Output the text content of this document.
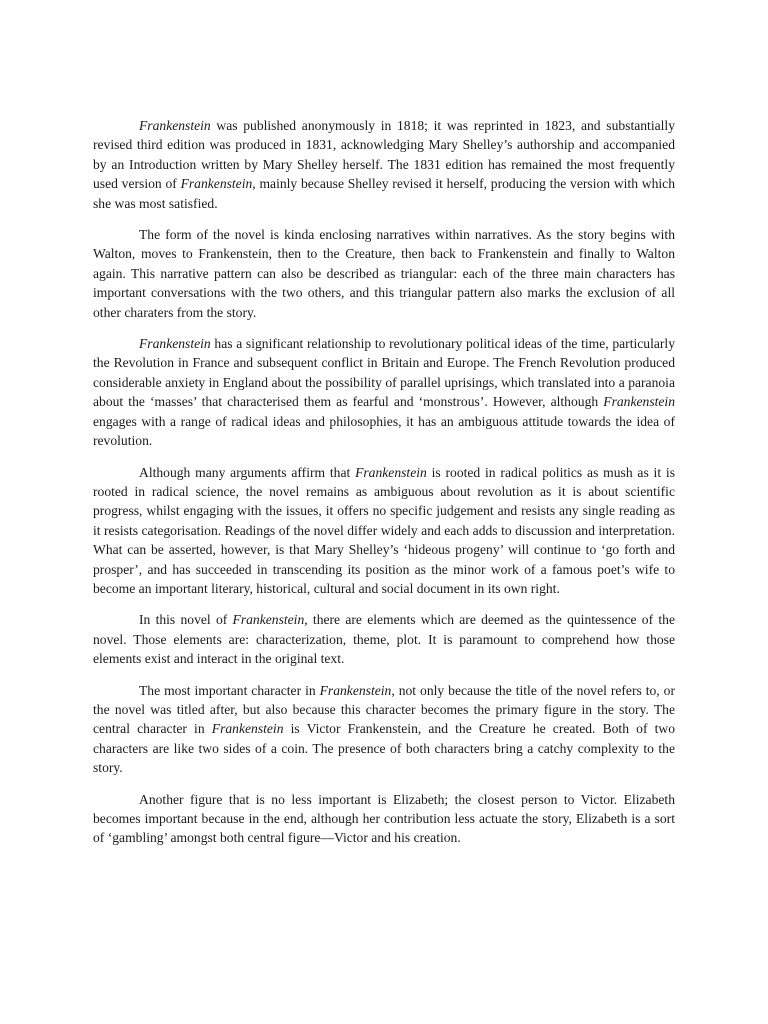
Frankenstein was published anonymously in 1818; it was reprinted in 1823, and substantially revised third edition was produced in 1831, acknowledging Mary Shelley’s authorship and accompanied by an Introduction written by Mary Shelley herself. The 1831 edition has remained the most frequently used version of Frankenstein, mainly because Shelley revised it herself, producing the version with which she was most satisfied.

The form of the novel is kinda enclosing narratives within narratives. As the story begins with Walton, moves to Frankenstein, then to the Creature, then back to Frankenstein and finally to Walton again. This narrative pattern can also be described as triangular: each of the three main characters has important conversations with the two others, and this triangular pattern also marks the exclusion of all other charaters from the story.

Frankenstein has a significant relationship to revolutionary political ideas of the time, particularly the Revolution in France and subsequent conflict in Britain and Europe. The French Revolution produced considerable anxiety in England about the possibility of parallel uprisings, which translated into a paranoia about the ‘masses’ that characterised them as fearful and ‘monstrous’. However, although Frankenstein engages with a range of radical ideas and philosophies, it has an ambiguous attitude towards the idea of revolution.

Although many arguments affirm that Frankenstein is rooted in radical politics as mush as it is rooted in radical science, the novel remains as ambiguous about revolution as it is about scientific progress, whilst engaging with the issues, it offers no specific judgement and resists any single reading as it resists categorisation. Readings of the novel differ widely and each adds to discussion and interpretation. What can be asserted, however, is that Mary Shelley’s ‘hideous progeny’ will continue to ‘go forth and prosper’, and has succeeded in transcending its position as the minor work of a famous poet’s wife to become an important literary, historical, cultural and social document in its own right.

In this novel of Frankenstein, there are elements which are deemed as the quintessence of the novel. Those elements are: characterization, theme, plot. It is paramount to comprehend how those elements exist and interact in the original text.

The most important character in Frankenstein, not only because the title of the novel refers to, or the novel was titled after, but also because this character becomes the primary figure in the story. The central character in Frankenstein is Victor Frankenstein, and the Creature he created. Both of two characters are like two sides of a coin. The presence of both characters bring a catchy complexity to the story.

Another figure that is no less important is Elizabeth; the closest person to Victor. Elizabeth becomes important because in the end, although her contribution less actuate the story, Elizabeth is a sort of ‘gambling’ amongst both central figure—Victor and his creation.
